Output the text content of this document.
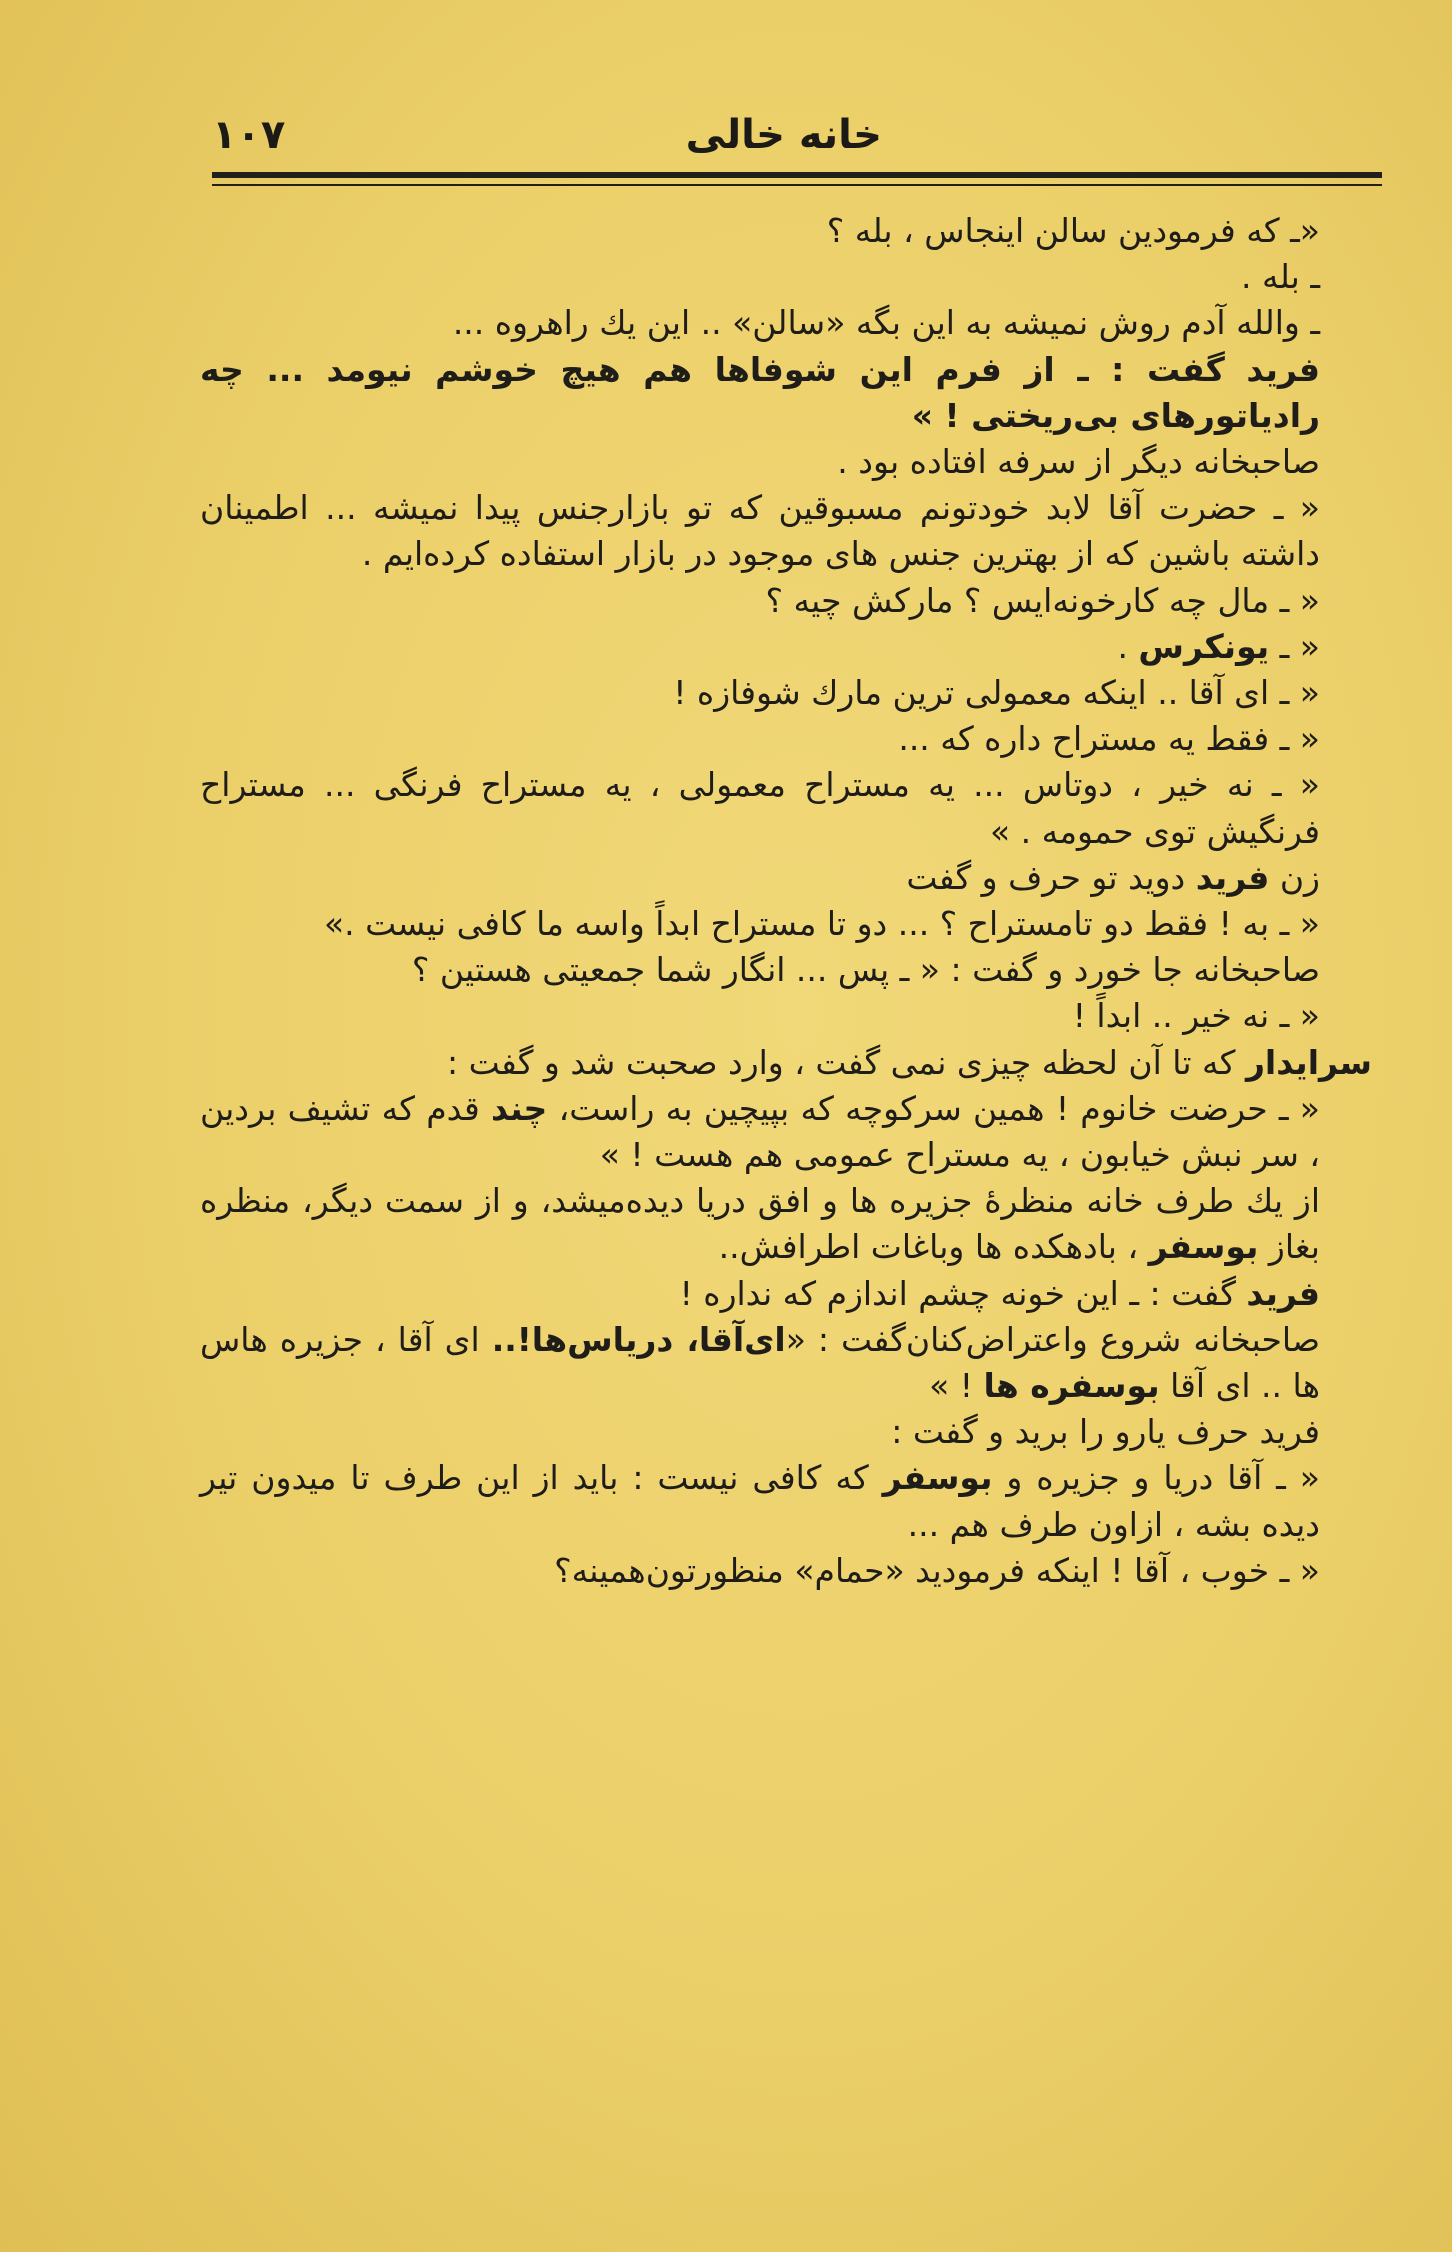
خانه خالی
۱۰۷

«ـ که فرمودین سالن اینجاس ، بله ؟

ـ بله .

ـ والله آدم روش نمیشه به این بگه «سالن» .. این یك راهروه ...

فرید گفت : ـ از فرم این شوفاها هم هیچ خوشم نیومد ... چه رادیاتورهای بی‌ریختی ! »

صاحبخانه دیگر از سرفه افتاده بود .

« ـ حضرت آقا لابد خودتونم مسبوقین که تو بازارجنس پیدا نمیشه ... اطمینان داشته باشین که از بهترین جنس های موجود در بازار استفاده کرده‌ایم .

« ـ مال چه کارخونه‌ایس ؟ مارکش چیه ؟

« ـ یونکرس .

« ـ ای آقا .. اینکه معمولی ترین مارك شوفازه !

« ـ فقط یه مستراح داره که ...

« ـ نه خیر ، دوتاس ... یه مستراح معمولی ، یه مستراح فرنگی ... مستراح فرنگیش توی حمومه . »

زن فرید دوید تو حرف و گفت

« ـ به ! فقط دو تامستراح ؟ ... دو تا مستراح ابداً واسه ما کافی نیست .»

صاحبخانه جا خورد و گفت : « ـ پس ... انگار شما جمعیتی هستین ؟

« ـ نه خیر .. ابداً !

سرایدار که تا آن لحظه چیزی نمی گفت ، وارد صحبت شد و گفت :

« ـ حرضت خانوم ! همین سرکوچه که بپیچین به راست، چند قدم که تشیف بردین ، سر نبش خیابون ، یه مستراح عمومی هم هست ! »

از یك طرف خانه منظرهٔ جزیره ها و افق دریا دیده‌میشد، و از سمت دیگر، منظره بغاز بوسفر ، بادهکده ها وباغات اطرافش..

فرید گفت : ـ این خونه چشم اندازم که نداره !

صاحبخانه شروع واعتراض‌کنان‌گفت : «ای‌آقا، دریاس‌ها!.. ای آقا ، جزیره هاس ها .. ای آقا بوسفره ها ! »

فرید حرف یارو را برید و گفت :

« ـ آقا دریا و جزیره و بوسفر که کافی نیست : باید از این طرف تا میدون تیر دیده بشه ، ازاون طرف هم ...

« ـ خوب ، آقا ! اینکه فرمودید «حمام» منظورتون‌همینه؟
